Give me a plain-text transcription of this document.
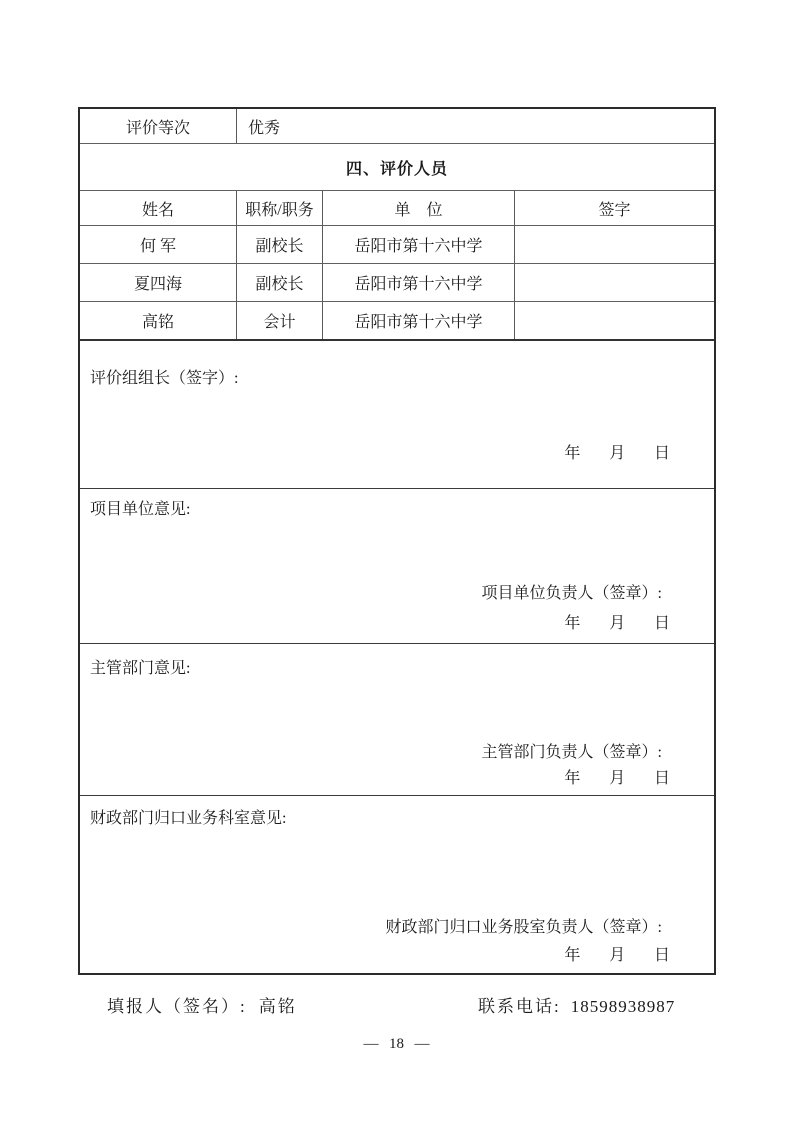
评价等次	优秀
四、评价人员
姓名	职称/职务	单　位	签字
何 军	副校长	岳阳市第十六中学
夏四海	副校长	岳阳市第十六中学
高铭	会计	岳阳市第十六中学
评价组组长（签字）:
年 月 日
项目单位意见:
项目单位负责人（签章）:
年 月 日
主管部门意见:
主管部门负责人（签章）:
年 月 日
财政部门归口业务科室意见:
财政部门归口业务股室负责人（签章）:
年 月 日
填报人（签名）: 高铭	联系电话: 18598938987
— 18 —
